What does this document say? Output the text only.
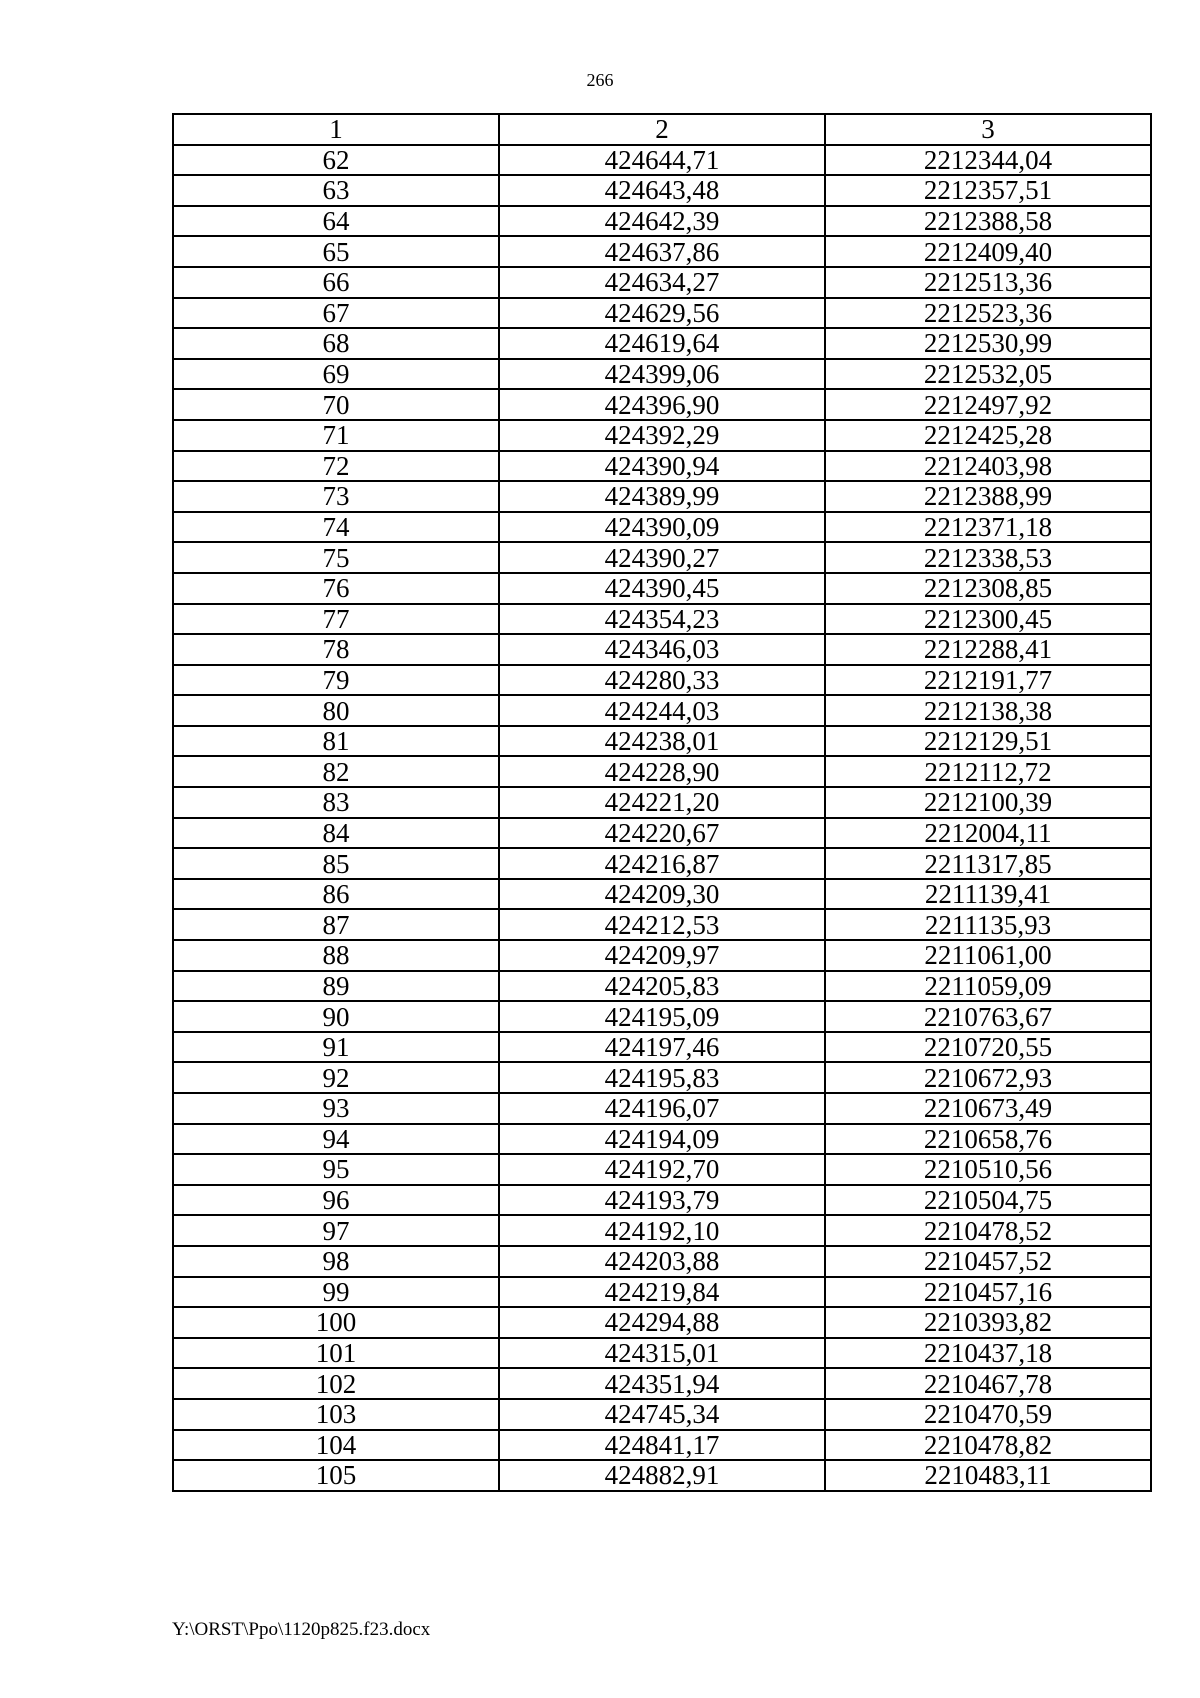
266
1	2	3
62	424644,71	2212344,04
63	424643,48	2212357,51
64	424642,39	2212388,58
65	424637,86	2212409,40
66	424634,27	2212513,36
67	424629,56	2212523,36
68	424619,64	2212530,99
69	424399,06	2212532,05
70	424396,90	2212497,92
71	424392,29	2212425,28
72	424390,94	2212403,98
73	424389,99	2212388,99
74	424390,09	2212371,18
75	424390,27	2212338,53
76	424390,45	2212308,85
77	424354,23	2212300,45
78	424346,03	2212288,41
79	424280,33	2212191,77
80	424244,03	2212138,38
81	424238,01	2212129,51
82	424228,90	2212112,72
83	424221,20	2212100,39
84	424220,67	2212004,11
85	424216,87	2211317,85
86	424209,30	2211139,41
87	424212,53	2211135,93
88	424209,97	2211061,00
89	424205,83	2211059,09
90	424195,09	2210763,67
91	424197,46	2210720,55
92	424195,83	2210672,93
93	424196,07	2210673,49
94	424194,09	2210658,76
95	424192,70	2210510,56
96	424193,79	2210504,75
97	424192,10	2210478,52
98	424203,88	2210457,52
99	424219,84	2210457,16
100	424294,88	2210393,82
101	424315,01	2210437,18
102	424351,94	2210467,78
103	424745,34	2210470,59
104	424841,17	2210478,82
105	424882,91	2210483,11
Y:\ORST\Ppo\1120p825.f23.docx
